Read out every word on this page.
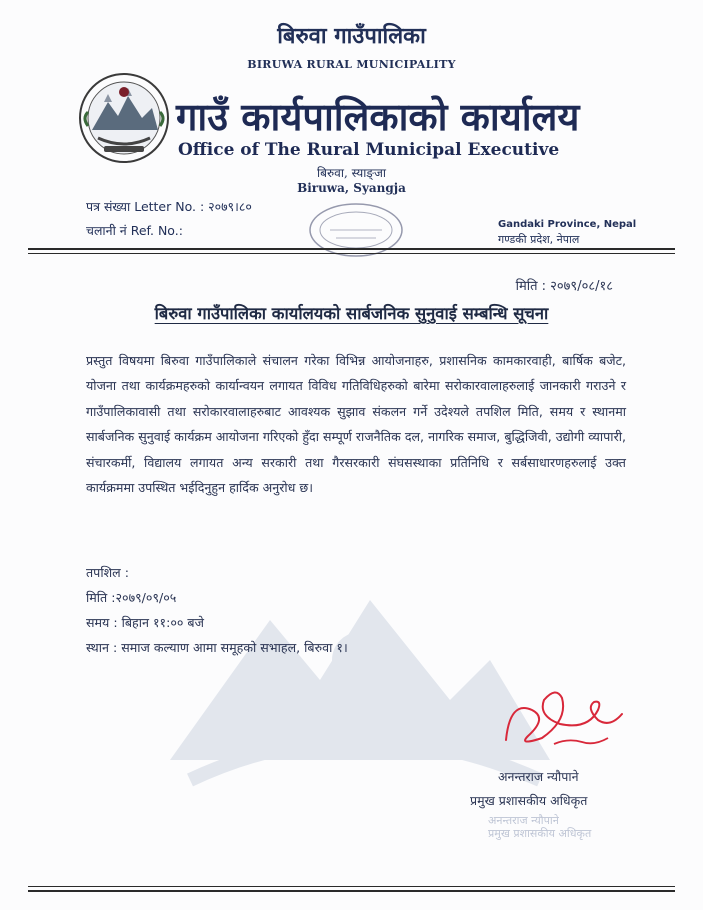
बिरुवा गाउँपालिका
BIRUWA RURAL MUNICIPALITY
गाउँ कार्यपालिकाको कार्यालय
Office of The Rural Municipal Executive
बिरुवा, स्याङ्जा
Biruwa, Syangja
पत्र संख्या Letter No. : २०७९।८०
चलानी नं Ref. No.:	Gandaki Province, Nepal
गण्डकी प्रदेश, नेपाल
मिति : २०७९/०८/१८
बिरुवा गाउँपालिका कार्यालयको सार्बजनिक सुनुवाई सम्बन्धि सूचना
प्रस्तुत विषयमा बिरुवा गाउँपालिकाले संचालन गरेका विभिन्न आयोजनाहरु, प्रशासनिक कामकारवाही, बार्षिक बजेट, योजना तथा कार्यक्रमहरुको कार्यान्वयन लगायत विविध गतिविधिहरुको बारेमा सरोकारवालाहरुलाई जानकारी गराउने र गाउँपालिकावासी तथा सरोकारवालाहरुबाट आवश्यक सुझाव संकलन गर्ने उदेश्यले तपशिल मिति, समय र स्थानमा सार्बजनिक सुनुवाई कार्यक्रम आयोजना गरिएको हुँदा सम्पूर्ण राजनैतिक दल, नागरिक समाज, बुद्धिजिवी, उद्योगी व्यापारी, संचारकर्मी, विद्यालय लगायत अन्य सरकारी तथा गैरसरकारी संघसस्थाका प्रतिनिधि र सर्बसाधारणहरुलाई उक्त कार्यक्रममा उपस्थित भईदिनुहुन हार्दिक अनुरोध छ।
तपशिल :
मिति :२०७९/०९/०५
समय : बिहान ११:०० बजे
स्थान : समाज कल्याण आमा समूहको सभाहल, बिरुवा १।
अनन्तराज न्यौपाने
प्रमुख प्रशासकीय अधिकृत
अनन्तराज न्यौपाने
प्रमुख प्रशासकीय अधिकृत
